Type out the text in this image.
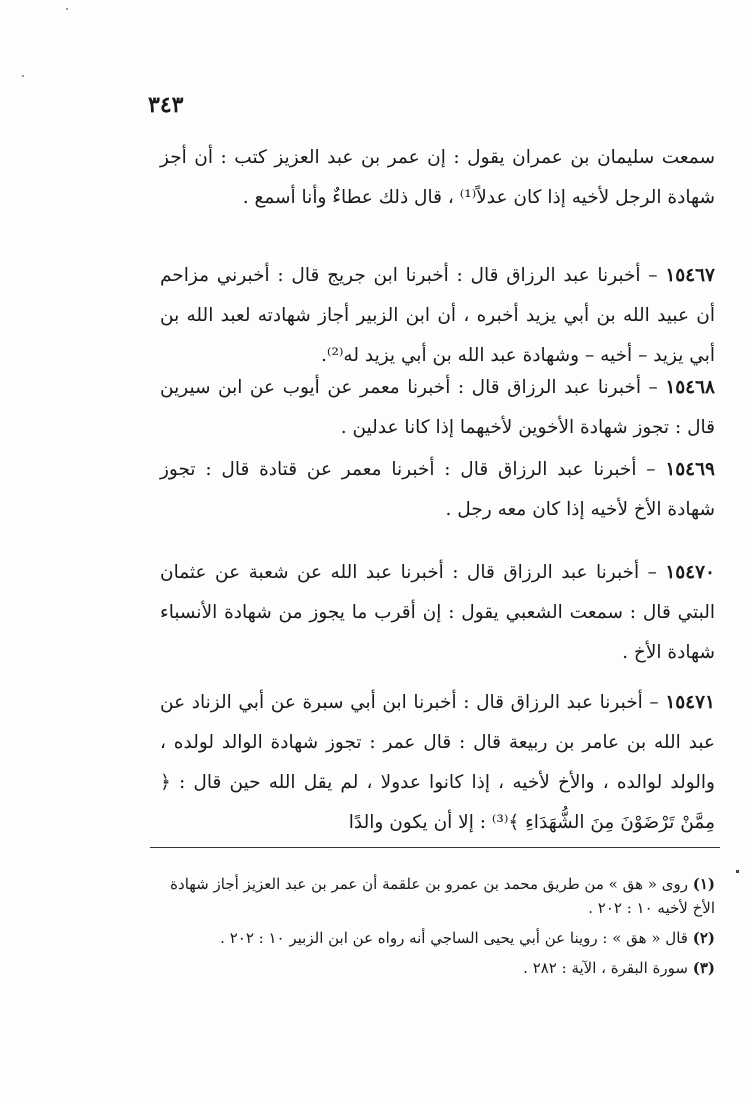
٣٤٣

سمعت سليمان بن عمران يقول : إن عمر بن عبد العزيز كتب : أن أجز شهادة الرجل لأخيه إذا كان عدلاً⁽¹⁾ ، قال ذلك عطاءٌ وأنا أسمع .

١٥٤٦٧ – أخبرنا عبد الرزاق قال : أخبرنا ابن جريج قال : أخبرني مزاحم أن عبيد الله بن أبي يزيد أخبره ، أن ابن الزبير أجاز شهادته لعبد الله بن أبي يزيد – أخيه – وشهادة عبد الله بن أبي يزيد له⁽²⁾.

١٥٤٦٨ – أخبرنا عبد الرزاق قال : أخبرنا معمر عن أيوب عن ابن سيرين قال : تجوز شهادة الأخوين لأخيهما إذا كانا عدلين .

١٥٤٦٩ – أخبرنا عبد الرزاق قال : أخبرنا معمر عن قتادة قال : تجوز شهادة الأخ لأخيه إذا كان معه رجل .

١٥٤٧٠ – أخبرنا عبد الرزاق قال : أخبرنا عبد الله عن شعبة عن عثمان البتي قال : سمعت الشعبي يقول : إن أقرب ما يجوز من شهادة الأنسباء شهادة الأخ .

١٥٤٧١ – أخبرنا عبد الرزاق قال : أخبرنا ابن أبي سبرة عن أبي الزناد عن عبد الله بن عامر بن ربيعة قال : قال عمر : تجوز شهادة الوالد لولده ، والولد لوالده ، والأخ لأخيه ، إذا كانوا عدولا ، لم يقل الله حين قال : ﴿ مِمَّنْ تَرْضَوْنَ مِنَ الشُّهَدَاءِ ﴾⁽³⁾ : إلا أن يكون والدًا

(١) روى « هق » من طريق محمد بن عمرو بن علقمة أن عمر بن عبد العزيز أجاز شهادة الأخ لأخيه ١٠ : ٢٠٢ .

(٢) قال « هق » : روينا عن أبي يحيى الساجي أنه رواه عن ابن الزبير ١٠ : ٢٠٢ .

(٣) سورة البقرة ، الآية : ٢٨٢ .
